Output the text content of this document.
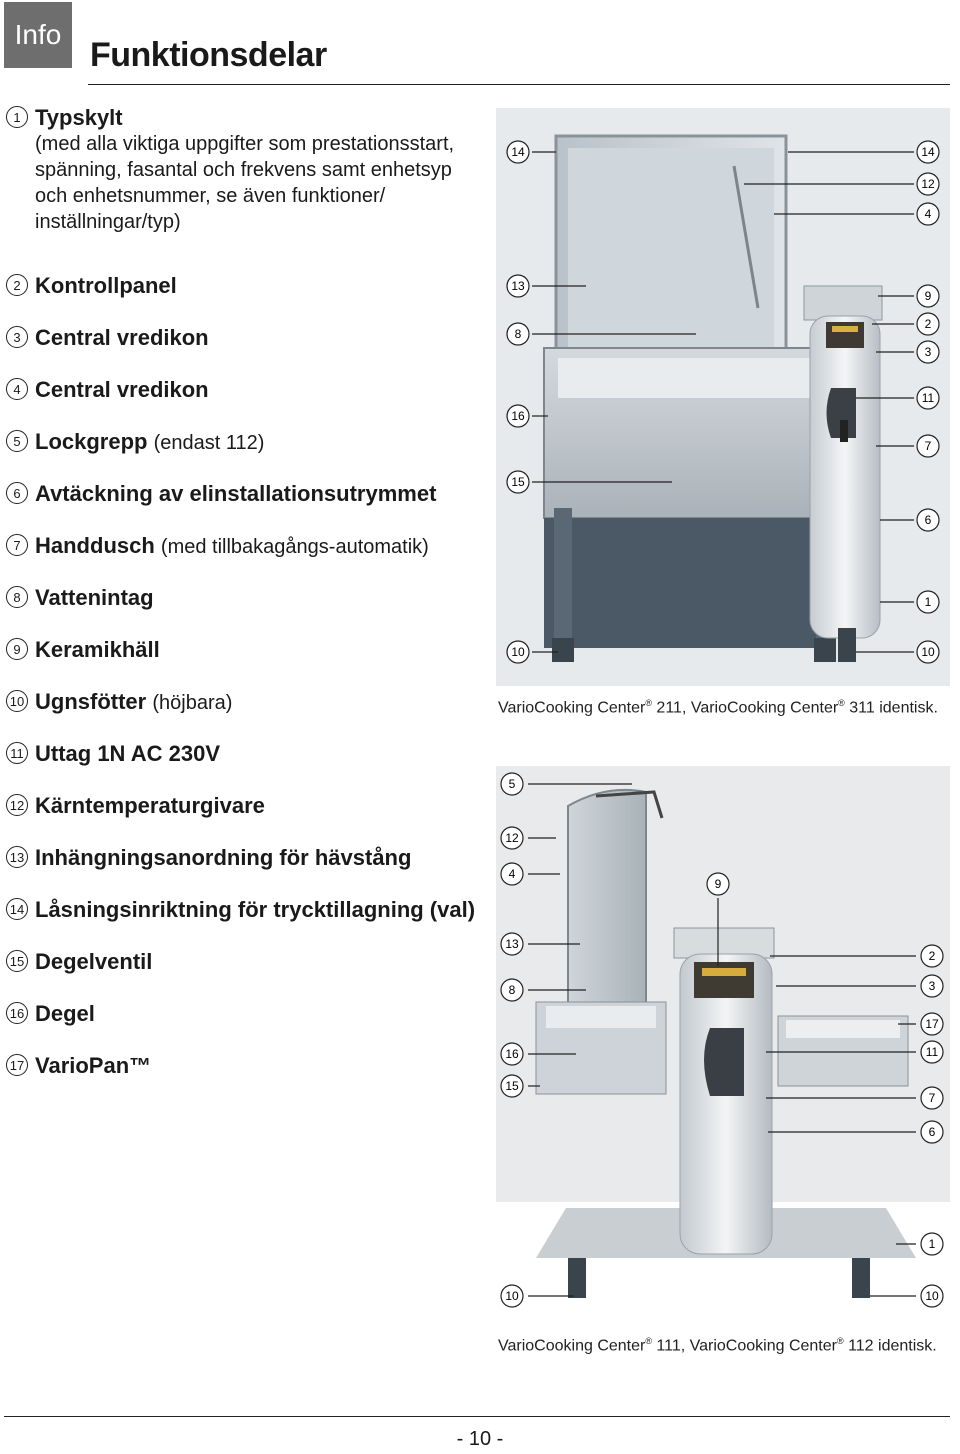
Info
Funktionsdelar
1 Typskylt
(med alla viktiga uppgifter som prestationsstart, spänning, fasantal och frekvens samt enhetsyp och enhetsnummer, se även funktioner/ inställningar/typ)
2 Kontrollpanel
3 Central vredikon
4 Central vredikon
5 Lockgrepp (endast 112)
6 Avtäckning av elinstallationsutrymmet
7 Handdusch (med tillbakagångs-automatik)
8 Vattenintag
9 Keramikhäll
10 Ugnsfötter (höjbara)
11 Uttag 1N AC 230V
12 Kärntemperaturgivare
13 Inhängningsanordning för hävstång
14 Låsningsinriktning för trycktillagning (val)
15 Degelventil
16 Degel
17 VarioPan™
14
13
8
16
15
10
14
12
4
9
2
3
11
7
6
1
10
VarioCooking Center® 211, VarioCooking Center® 311 identisk.
5
12
4
13
8
16
15
10
9
2
3
17
11
7
6
1
10
VarioCooking Center® 111, VarioCooking Center® 112 identisk.
- 10 -
